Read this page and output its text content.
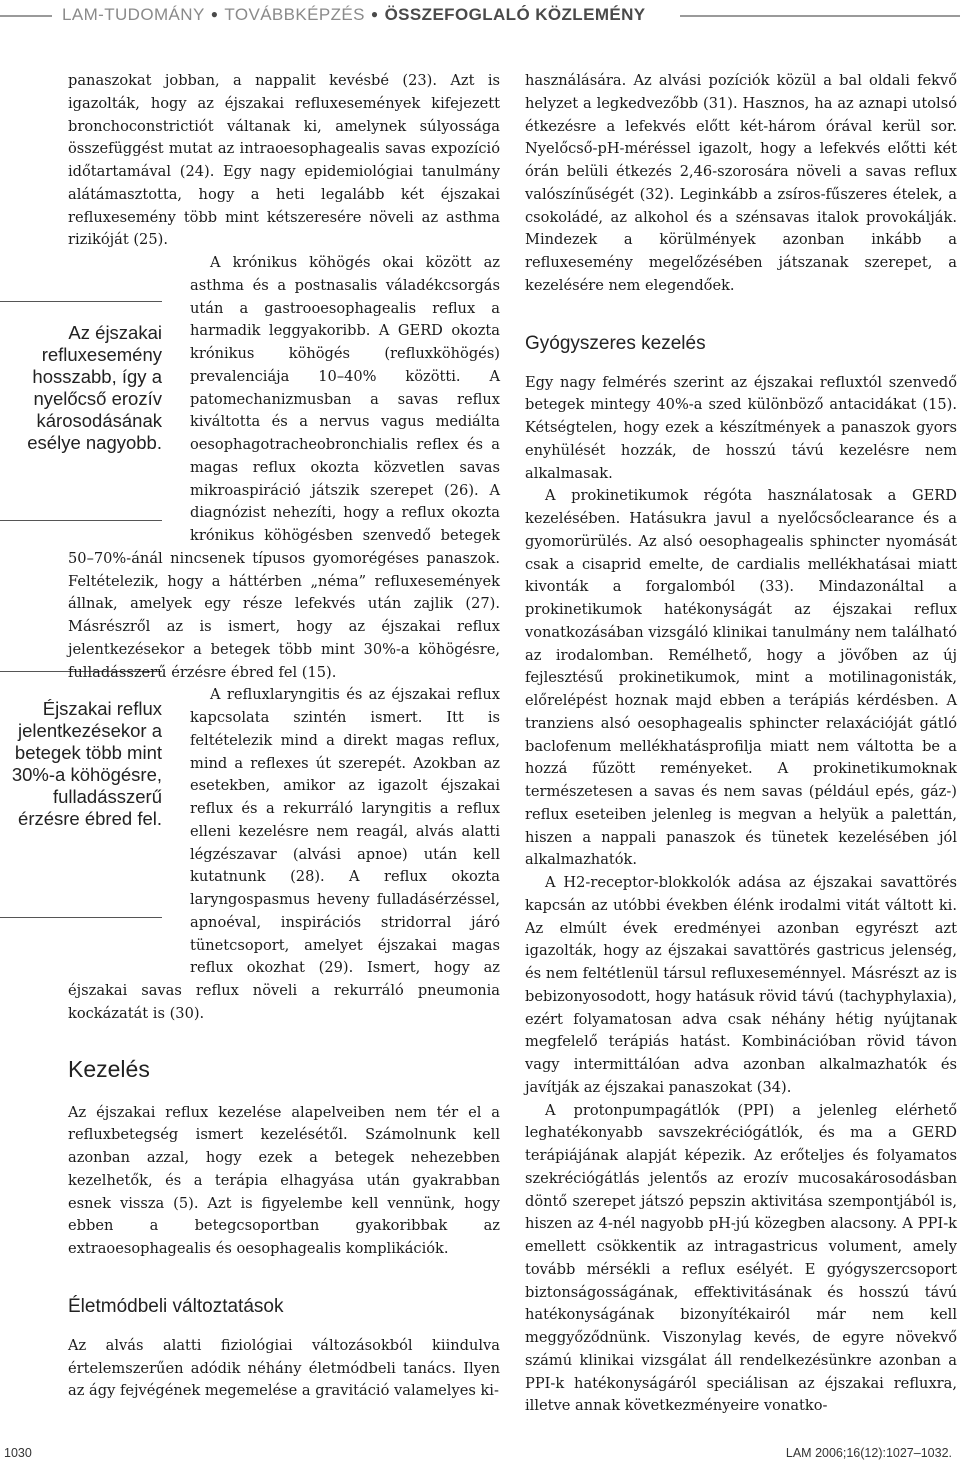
LAM-TUDOMÁNY ● TOVÁBBKÉPZÉS ● ÖSSZEFOGLALÓ KÖZLEMÉNY
Az éjszakai refluxesemény hosszabb, így a nyelőcső erozív károsodásának esélye nagyobb.
Éjszakai reflux jelentkezésekor a betegek több mint 30%-a köhögésre, fulladásszerű érzésre ébred fel.

panaszokat jobban, a nappalit kevésbé (23). Azt is igazolták, hogy az éjszakai refluxesemények kifejezett bronchoconstrictiót váltanak ki, amelynek súlyossága összefüggést mutat az intraoesophagealis savas expozíció időtartamával (24). Egy nagy epidemiológiai tanulmány alátámasztotta, hogy a heti legalább két éjszakai refluxesemény több mint kétszeresére növeli az asthma rizikóját (25).

A krónikus köhögés okai között az asthma és a postnasalis váladékcsorgás után a gastrooesophagealis reflux a harmadik leggyakoribb. A GERD okozta krónikus köhögés (refluxköhögés) prevalenciája 10–40% közötti. A patomechanizmusban a savas reflux kiváltotta és a nervus vagus mediálta oesophagotracheobronchialis reflex és a magas reflux okozta közvetlen savas mikroaspiráció játszik szerepet (26). A diagnózist nehezíti, hogy a reflux okozta krónikus köhögésben szenvedő betegek 50–70%-ánál nincsenek típusos gyomorégéses panaszok. Feltételezik, hogy a háttérben „néma” refluxesemények állnak, amelyek egy része lefekvés után zajlik (27). Másrészről az is ismert, hogy az éjszakai reflux jelentkezésekor a betegek több mint 30%-a köhögésre, fulladásszerű érzésre ébred fel (15).

A refluxlaryngitis és az éjszakai reflux kapcsolata szintén ismert. Itt is feltételezik mind a direkt magas reflux, mind a reflexes út szerepét. Azokban az esetekben, amikor az igazolt éjszakai reflux és a rekurráló laryngitis a reflux elleni kezelésre nem reagál, alvás alatti légzészavar (alvási apnoe) után kell kutatnunk (28). A reflux okozta laryngospasmus heveny fulladásérzéssel, apnoéval, inspirációs stridorral járó tünetcsoport, amelyet éjszakai magas reflux okozhat (29). Ismert, hogy az éjszakai savas reflux növeli a rekurráló pneumonia kockázatát is (30).

Kezelés

Az éjszakai reflux kezelése alapelveiben nem tér el a refluxbetegség ismert kezelésétől. Számolnunk kell azonban azzal, hogy ezek a betegek nehezebben kezelhetők, és a terápia elhagyása után gyakrabban esnek vissza (5). Azt is figyelembe kell vennünk, hogy ebben a betegcsoportban gyakoribbak az extraoesophagealis és oesophagealis komplikációk.

Életmódbeli változtatások

Az alvás alatti fiziológiai változásokból kiindulva értelemszerűen adódik néhány életmódbeli tanács. Ilyen az ágy fejvégének megemelése a gravitáció valamelyes ki-

használására. Az alvási pozíciók közül a bal oldali fekvő helyzet a legkedvezőbb (31). Hasznos, ha az aznapi utolsó étkezésre a lefekvés előtt két-három órával kerül sor. Nyelőcső-pH-méréssel igazolt, hogy a lefekvés előtti két órán belüli étkezés 2,46-szorosára növeli a savas reflux valószínűségét (32). Leginkább a zsíros-fűszeres ételek, a csokoládé, az alkohol és a szénsavas italok provokálják. Mindezek a körülmények azonban inkább a refluxesemény megelőzésében játszanak szerepet, a kezelésére nem elegendőek.

Gyógyszeres kezelés

Egy nagy felmérés szerint az éjszakai refluxtól szenvedő betegek mintegy 40%-a szed különböző antacidákat (15). Kétségtelen, hogy ezek a készítmények a panaszok gyors enyhülését hozzák, de hosszú távú kezelésre nem alkalmasak.

A prokinetikumok régóta használatosak a GERD kezelésében. Hatásukra javul a nyelőcsőclearance és a gyomorürülés. Az alsó oesophagealis sphincter nyomását csak a cisaprid emelte, de cardialis mellékhatásai miatt kivonták a forgalomból (33). Mindazonáltal a prokinetikumok hatékonyságát az éjszakai reflux vonatkozásában vizsgáló klinikai tanulmány nem található az irodalomban. Remélhető, hogy a jövőben az új fejlesztésű prokinetikumok, mint a motilinagonisták, előrelépést hoznak majd ebben a terápiás kérdésben. A tranziens alsó oesophagealis sphincter relaxációját gátló baclofenum mellékhatásprofilja miatt nem váltotta be a hozzá fűzött reményeket. A prokinetikumoknak természetesen a savas és nem savas (például epés, gáz-) reflux eseteiben jelenleg is megvan a helyük a palettán, hiszen a nappali panaszok és tünetek kezelésében jól alkalmazhatók.

A H2-receptor-blokkolók adása az éjszakai savattörés kapcsán az utóbbi években élénk irodalmi vitát váltott ki. Az elmúlt évek eredményei azonban egyrészt azt igazolták, hogy az éjszakai savattörés gastricus jelenség, és nem feltétlenül társul refluxeseménnyel. Másrészt az is bebizonyosodott, hogy hatásuk rövid távú (tachyphylaxia), ezért folyamatosan adva csak néhány hétig nyújtanak megfelelő terápiás hatást. Kombinációban rövid távon vagy intermittálóan adva azonban alkalmazhatók és javítják az éjszakai panaszokat (34).

A protonpumpagátlók (PPI) a jelenleg elérhető leghatékonyabb savszekréciógátlók, és ma a GERD terápiájának alapját képezik. Az erőteljes és folyamatos szekréciógátlás jelentős az erozív mucosakárosodásban döntő szerepet játszó pepszin aktivitása szempontjából is, hiszen az 4-nél nagyobb pH-jú közegben alacsony. A PPI-k emellett csökkentik az intragastricus volument, amely tovább mérsékli a reflux esélyét. E gyógyszercsoport biztonságosságának, effektivitásának és hosszú távú hatékonyságának bizonyítékairól már nem kell meggyőződnünk. Viszonylag kevés, de egyre növekvő számú klinikai vizsgálat áll rendelkezésünkre azonban a PPI-k hatékonyságáról speciálisan az éjszakai refluxra, illetve annak következményeire vonatko-

1030	LAM 2006;16(12):1027–1032.
